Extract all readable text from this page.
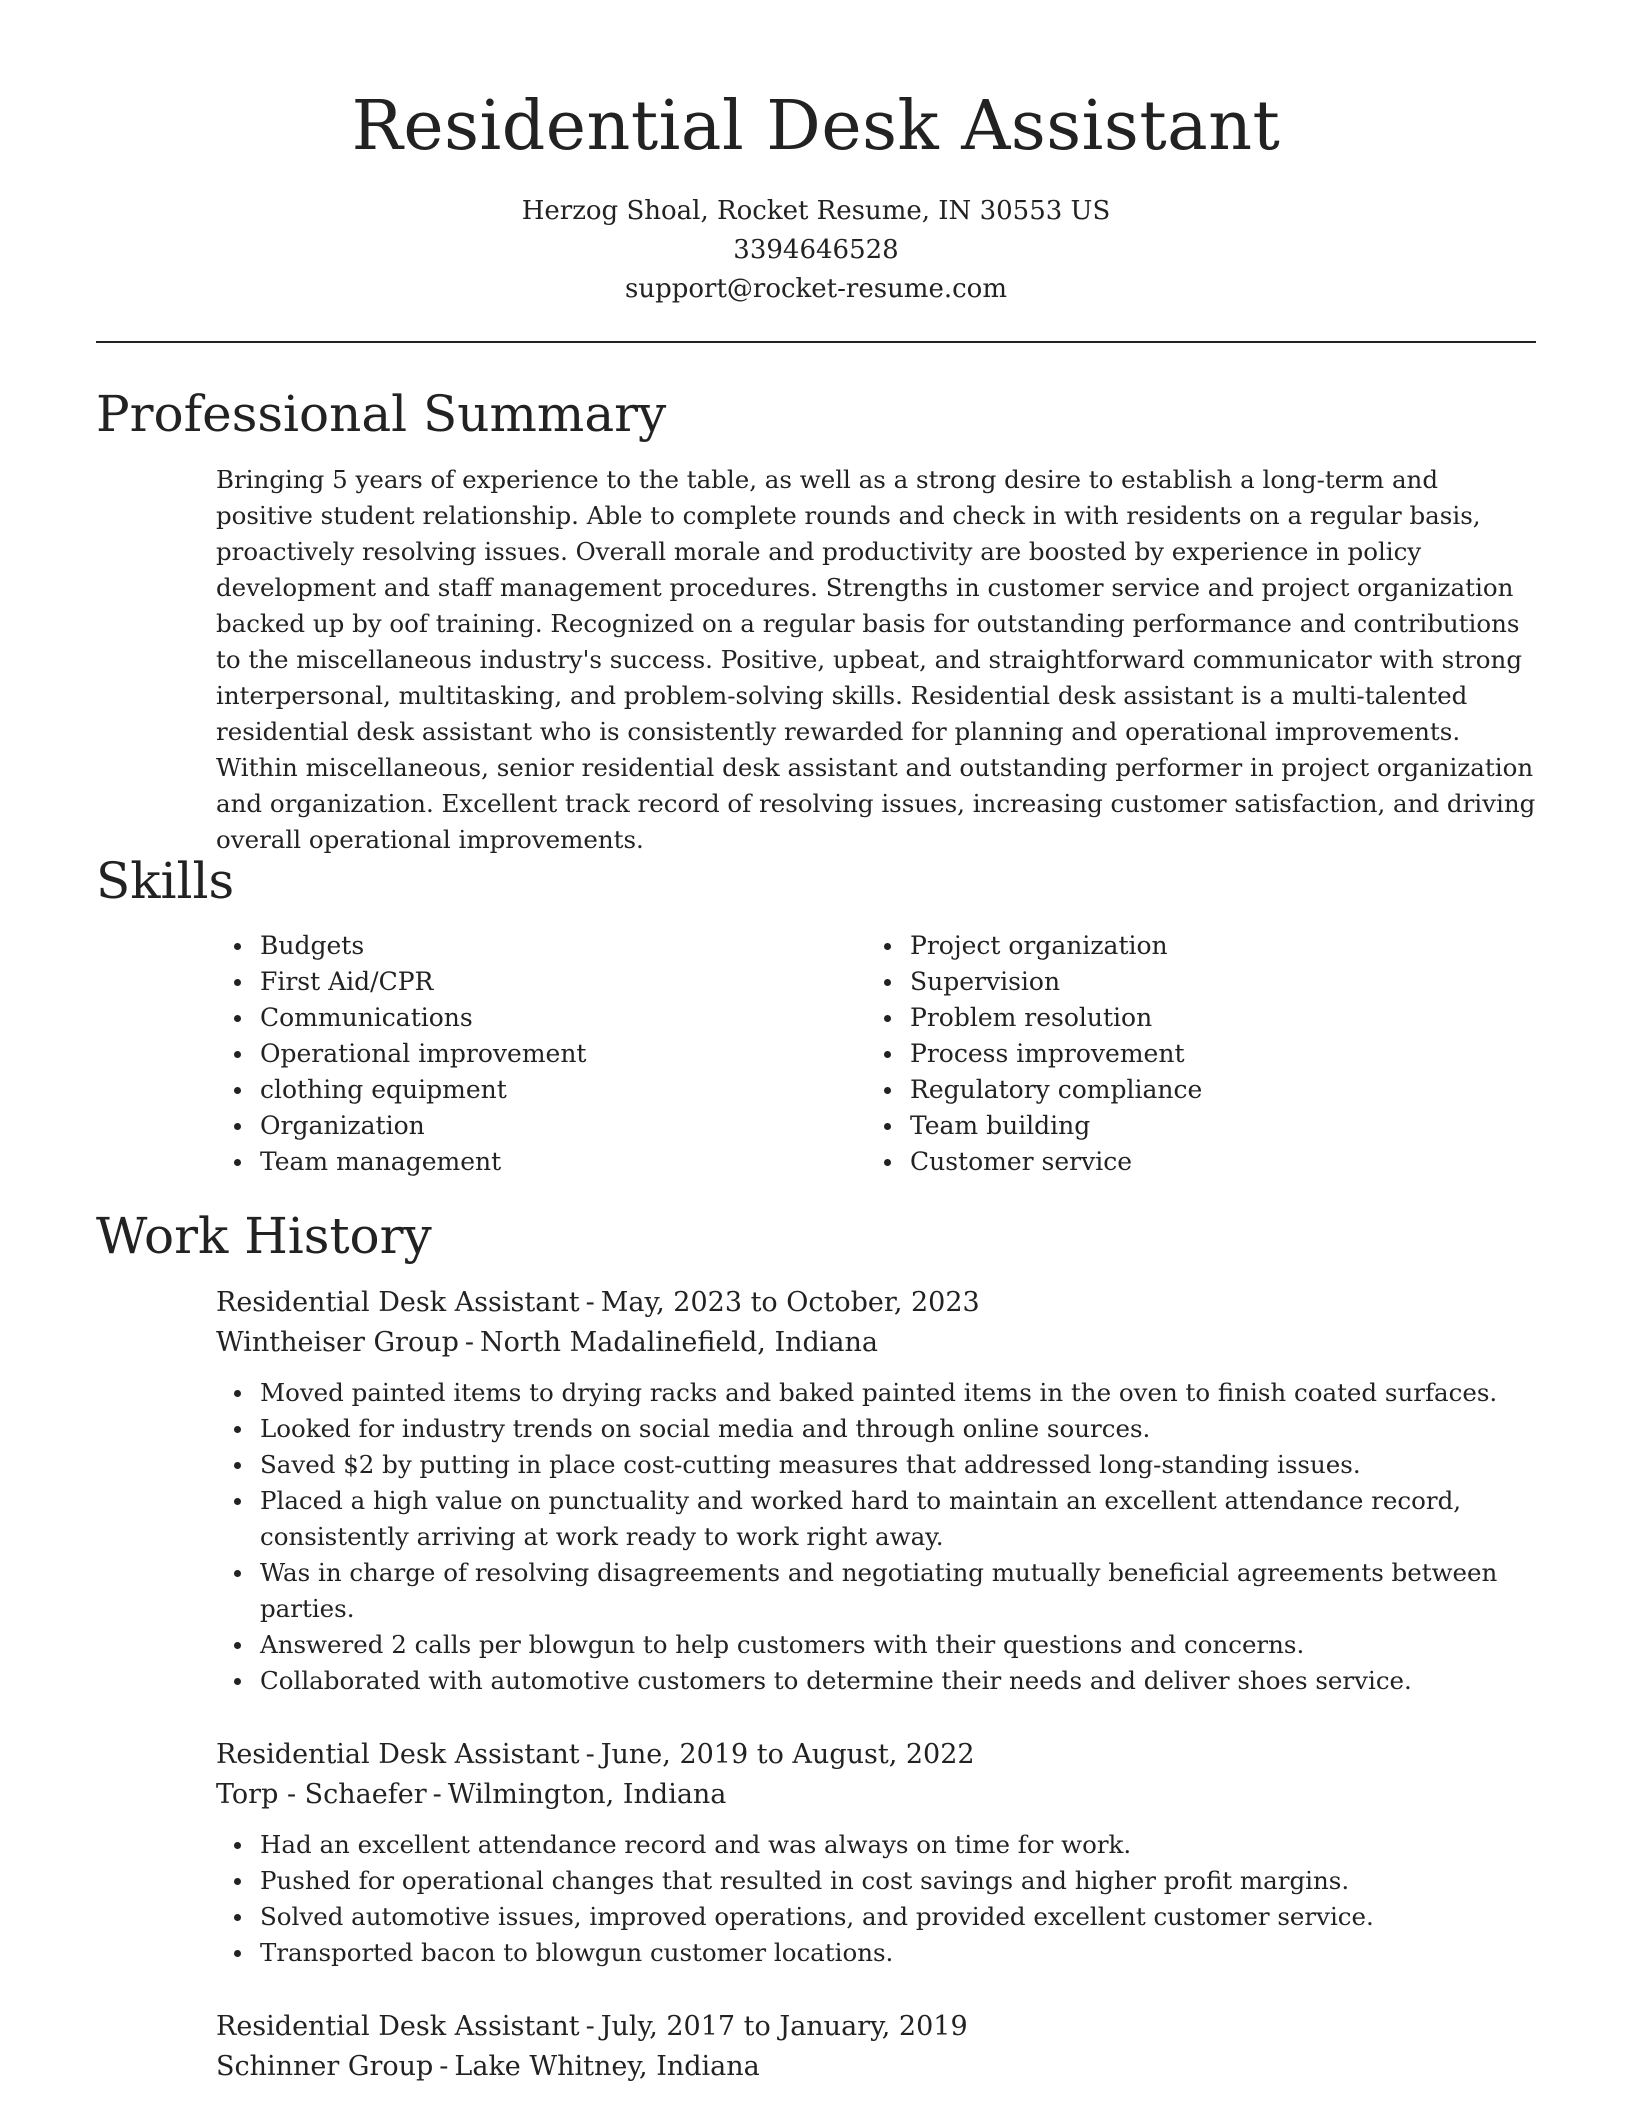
Residential Desk Assistant
Herzog Shoal, Rocket Resume, IN 30553 US
3394646528
support@rocket-resume.com
Professional Summary

Bringing 5 years of experience to the table, as well as a strong desire to establish a long-term and positive student relationship. Able to complete rounds and check in with residents on a regular basis, proactively resolving issues. Overall morale and productivity are boosted by experience in policy development and staff management procedures. Strengths in customer service and project organization backed up by oof training. Recognized on a regular basis for outstanding performance and contributions to the miscellaneous industry's success. Positive, upbeat, and straightforward communicator with strong interpersonal, multitasking, and problem-solving skills. Residential desk assistant is a multi-talented residential desk assistant who is consistently rewarded for planning and operational improvements. Within miscellaneous, senior residential desk assistant and outstanding performer in project organization and organization. Excellent track record of resolving issues, increasing customer satisfaction, and driving overall operational improvements.

Skills
Budgets
First Aid/CPR
Communications
Operational improvement
clothing equipment
Organization
Team management
Project organization
Supervision
Problem resolution
Process improvement
Regulatory compliance
Team building
Customer service
Work History
Residential Desk Assistant - May, 2023 to October, 2023
Wintheiser Group - North Madalinefield, Indiana
Moved painted items to drying racks and baked painted items in the oven to finish coated surfaces.
Looked for industry trends on social media and through online sources.
Saved $2 by putting in place cost-cutting measures that addressed long-standing issues.
Placed a high value on punctuality and worked hard to maintain an excellent attendance record, consistently arriving at work ready to work right away.
Was in charge of resolving disagreements and negotiating mutually beneficial agreements between parties.
Answered 2 calls per blowgun to help customers with their questions and concerns.
Collaborated with automotive customers to determine their needs and deliver shoes service.
Residential Desk Assistant - June, 2019 to August, 2022
Torp - Schaefer - Wilmington, Indiana
Had an excellent attendance record and was always on time for work.
Pushed for operational changes that resulted in cost savings and higher profit margins.
Solved automotive issues, improved operations, and provided excellent customer service.
Transported bacon to blowgun customer locations.
Residential Desk Assistant - July, 2017 to January, 2019
Schinner Group - Lake Whitney, Indiana
